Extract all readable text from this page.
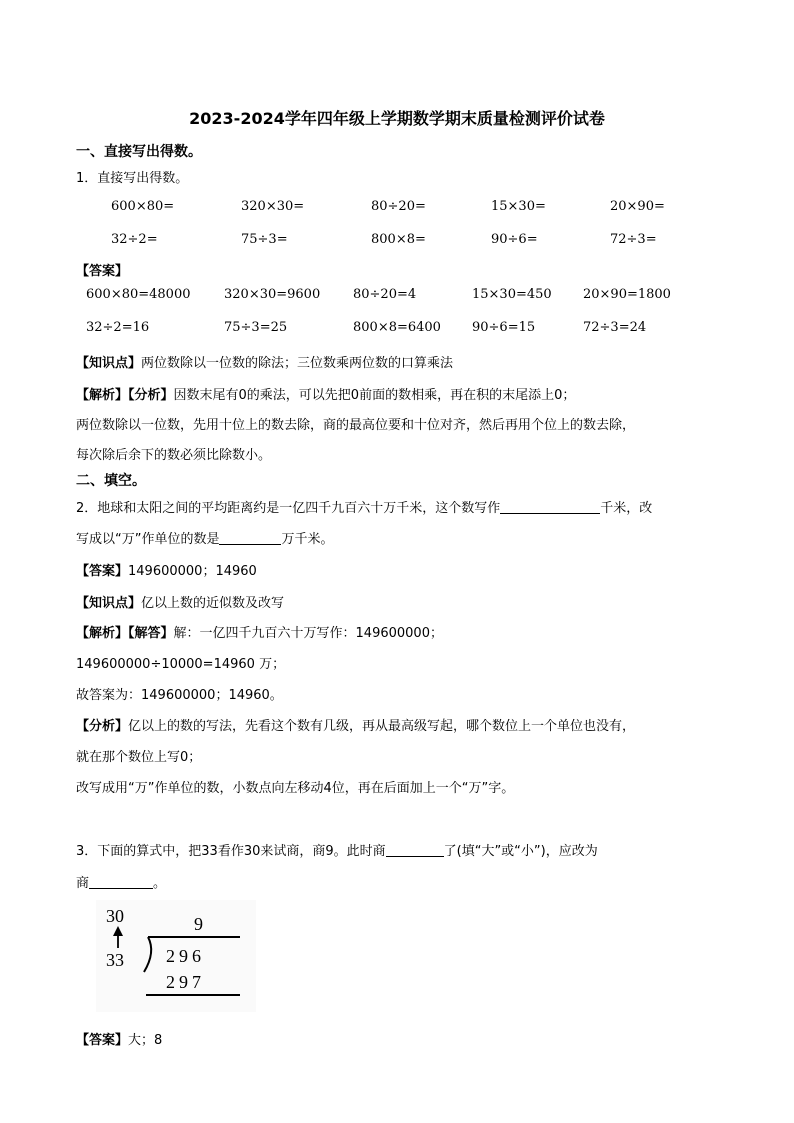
2023-2024学年四年级上学期数学期末质量检测评价试卷
一、直接写出得数。
1．直接写出得数。
600×80=	320×30=	80÷20=	15×30=	20×90=
32÷2=	75÷3=	800×8=	90÷6=	72÷3=
【答案】
600×80=48000	320×30=9600	80÷20=4	15×30=450 20×90=1800
32÷2=16	75÷3=25	800×8=6400 90÷6=15	72÷3=24
【知识点】两位数除以一位数的除法；三位数乘两位数的口算乘法
【解析】【分析】因数末尾有0的乘法，可以先把0前面的数相乘，再在积的末尾添上0；
两位数除以一位数，先用十位上的数去除，商的最高位要和十位对齐，然后再用个位上的数去除，
每次除后余下的数必须比除数小。
二、填空。
2．地球和太阳之间的平均距离约是一亿四千九百六十万千米，这个数写作	千米，改
写成以“万”作单位的数是	万千米。
【答案】149600000；14960
【知识点】亿以上数的近似数及改写
【解析】【解答】解：一亿四千九百六十万写作：149600000；
149600000÷10000=14960 万；
故答案为：149600000；14960。
【分析】亿以上的数的写法，先看这个数有几级，再从最高级写起，哪个数位上一个单位也没有，
就在那个数位上写0；
改写成用“万”作单位的数，小数点向左移动4位，再在后面加上一个“万”字。
3．下面的算式中，把33看作30来试商，商9。此时商	了(填“大”或“小”)，应改为
商	。
30
33
9
296
297
【答案】大；8
